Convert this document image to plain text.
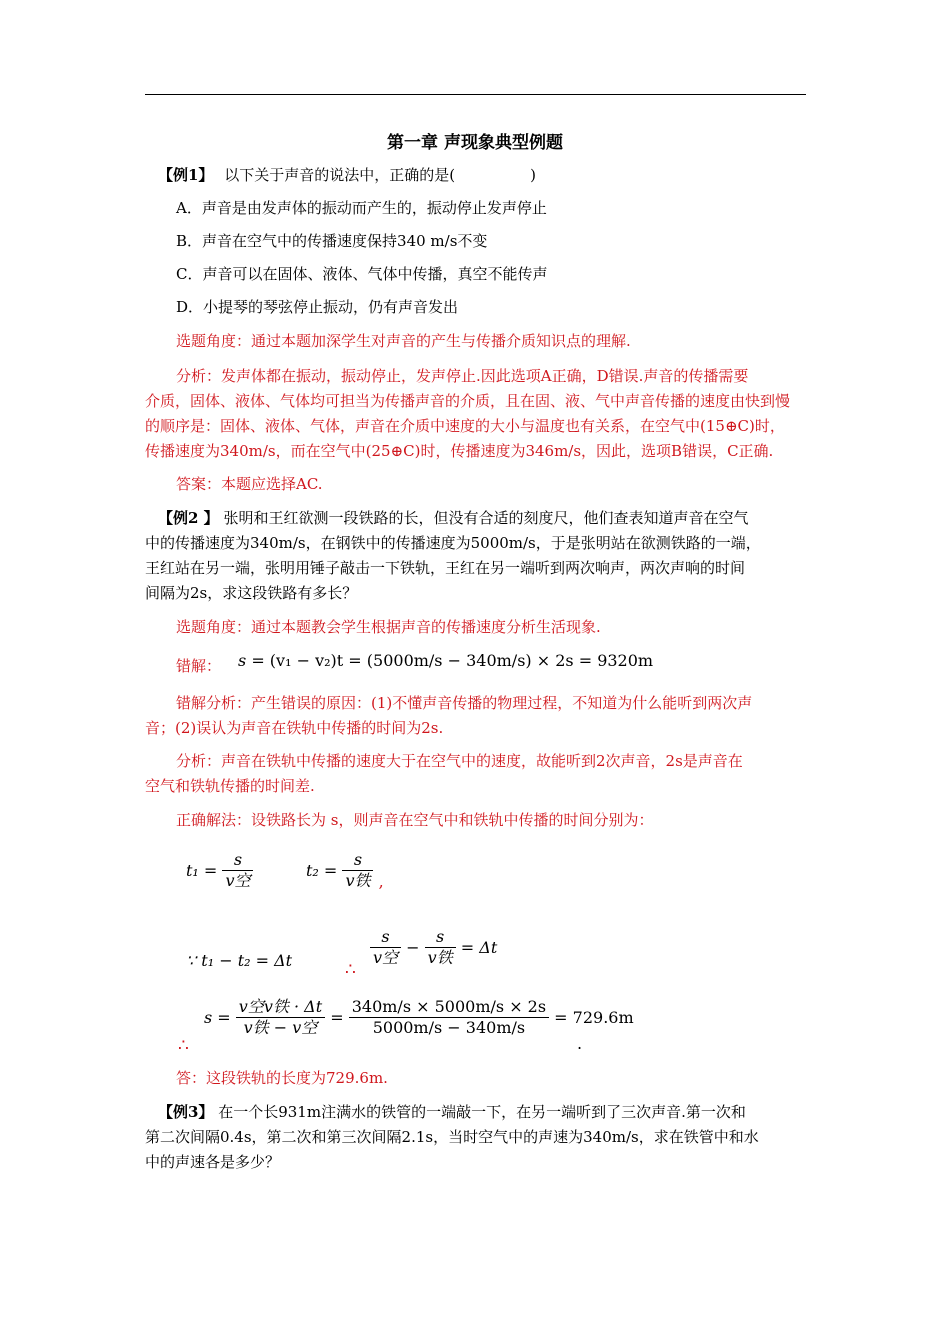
第一章 声现象典型例题
【例1】 以下关于声音的说法中，正确的是(　　　　　)
A．声音是由发声体的振动而产生的，振动停止发声停止
B．声音在空气中的传播速度保持340 m/s不变
C．声音可以在固体、液体、气体中传播，真空不能传声
D．小提琴的琴弦停止振动，仍有声音发出
选题角度：通过本题加深学生对声音的产生与传播介质知识点的理解.
分析：发声体都在振动，振动停止，发声停止.因此选项A正确，D错误.声音的传播需要
介质，固体、液体、气体均可担当为传播声音的介质，且在固、液、气中声音传播的速度由快到慢
的顺序是：固体、液体、气体，声音在介质中速度的大小与温度也有关系，在空气中(15⊕C)时，
传播速度为340m/s，而在空气中(25⊕C)时，传播速度为346m/s，因此，选项B错误，C正确.
答案：本题应选择AC.
【例2 】 张明和王红欲测一段铁路的长，但没有合适的刻度尺，他们查表知道声音在空气
中的传播速度为340m/s，在钢铁中的传播速度为5000m/s，于是张明站在欲测铁路的一端，
王红站在另一端，张明用锤子敲击一下铁轨，王红在另一端听到两次响声，两次声响的时间
间隔为2s，求这段铁路有多长？
选题角度：通过本题教会学生根据声音的传播速度分析生活现象.
错解： s = (v₁ − v₂)t = (5000m/s − 340m/s) × 2s = 9320m
错解分析：产生错误的原因：(1)不懂声音传播的物理过程，不知道为什么能听到两次声
音；(2)误认为声音在铁轨中传播的时间为2s.
分析：声音在铁轨中传播的速度大于在空气中的速度，故能听到2次声音，2s是声音在
空气和铁轨传播的时间差.
正确解法：设铁路长为 s，则声音在空气中和铁轨中传播的时间分别为：
$t_1 = \frac{s}{\text{v空}}$	$t_2 = \frac{s}{\text{v铁}}$ ,
∵ t₁ − t₂ = Δt	∴
$\frac{s}{\text{v空}} - \frac{s}{\text{v铁}} = \Delta t$
∴
$s = \frac{\text{v空v铁 · Δt}}{\text{v铁 − v空}} = \frac{340m/s \times 5000m/s \times 2s}{5000m/s - 340m/s} = 729.6m$
.
答：这段铁轨的长度为729.6m.
【例3】 在一个长931m注满水的铁管的一端敲一下，在另一端听到了三次声音.第一次和
第二次间隔0.4s，第二次和第三次间隔2.1s，当时空气中的声速为340m/s，求在铁管中和水
中的声速各是多少？
